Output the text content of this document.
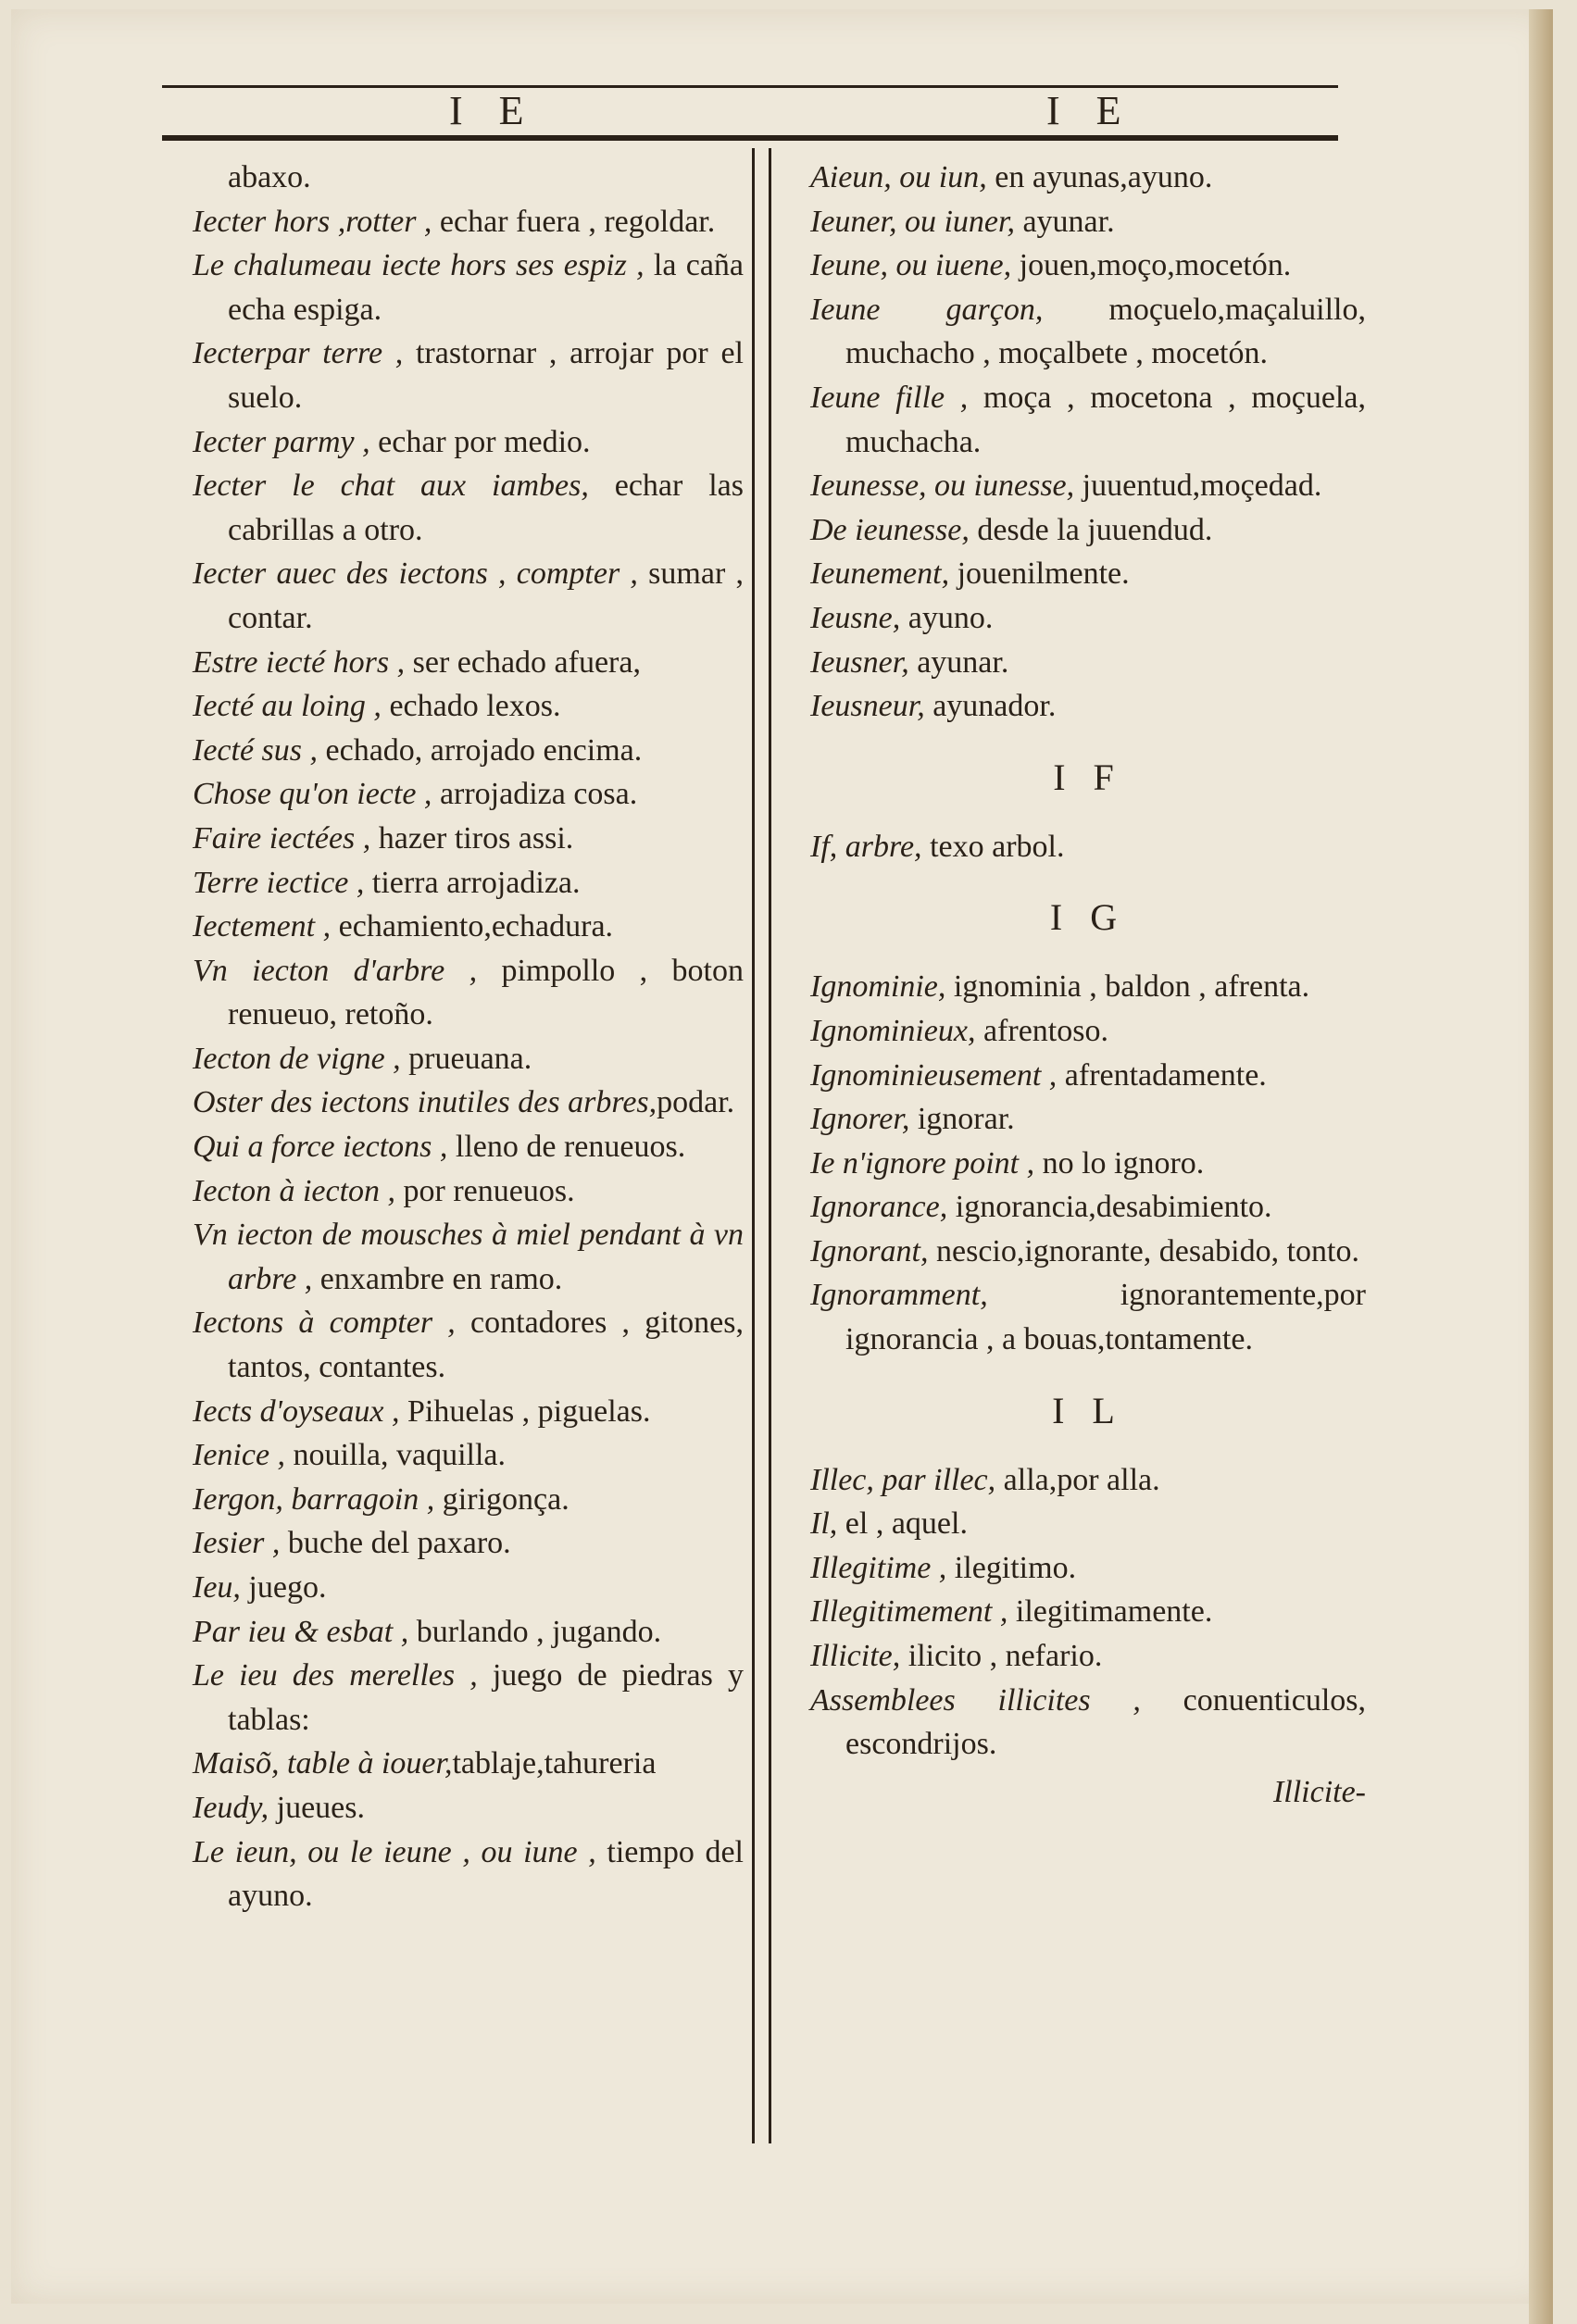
I E	I E

abaxo.

Iecter hors ,rotter , echar fuera , regoldar.

Le chalumeau iecte hors ses espiz , la caña echa espiga.

Iecterpar terre , trastornar , arrojar por el suelo.

Iecter parmy , echar por medio.

Iecter le chat aux iambes, echar las cabrillas a otro.

Iecter auec des iectons , compter , sumar , contar.

Estre iecté hors , ser echado afuera,

Iecté au loing , echado lexos.

Iecté sus , echado, arrojado encima.

Chose qu'on iecte , arrojadiza cosa.

Faire iectées , hazer tiros assi.

Terre iectice , tierra arrojadiza.

Iectement , echamiento,echadura.

Vn iecton d'arbre , pimpollo , boton renueuo, retoño.

Iecton de vigne , prueuana.

Oster des iectons inutiles des arbres,podar.

Qui a force iectons , lleno de renueuos.

Iecton à iecton , por renueuos.

Vn iecton de mousches à miel pendant à vn arbre , enxambre en ramo.

Iectons à compter , contadores , gitones, tantos, contantes.

Iects d'oyseaux , Pihuelas , piguelas.

Ienice , nouilla, vaquilla.

Iergon, barragoin , girigonça.

Iesier , buche del paxaro.

Ieu, juego.

Par ieu & esbat , burlando , jugando.

Le ieu des merelles , juego de piedras y tablas:

Maisõ, table à iouer,tablaje,tahureria

Ieudy, jueues.

Le ieun, ou le ieune , ou iune , tiempo del ayuno.

Aieun, ou iun, en ayunas,ayuno.

Ieuner, ou iuner, ayunar.

Ieune, ou iuene, jouen,moço,mocetón.

Ieune garçon, moçuelo,maçaluillo, muchacho , moçalbete , mocetón.

Ieune fille , moça , mocetona , moçuela, muchacha.

Ieunesse, ou iunesse, juuentud,moçedad.

De ieunesse, desde la juuendud.

Ieunement, jouenilmente.

Ieusne, ayuno.

Ieusner, ayunar.

Ieusneur, ayunador.

I F

If, arbre, texo arbol.

I G

Ignominie, ignominia , baldon , afrenta.

Ignominieux, afrentoso.

Ignominieusement , afrentadamente.

Ignorer, ignorar.

Ie n'ignore point , no lo ignoro.

Ignorance, ignorancia,desabimiento.

Ignorant, nescio,ignorante, desabido, tonto.

Ignoramment, ignorantemente,por ignorancia , a bouas,tontamente.

I L

Illec, par illec, alla,por alla.

Il, el , aquel.

Illegitime , ilegitimo.

Illegitimement , ilegitimamente.

Illicite, ilicito , nefario.

Assemblees illicites , conuenticulos, escondrijos.

Illicite-
